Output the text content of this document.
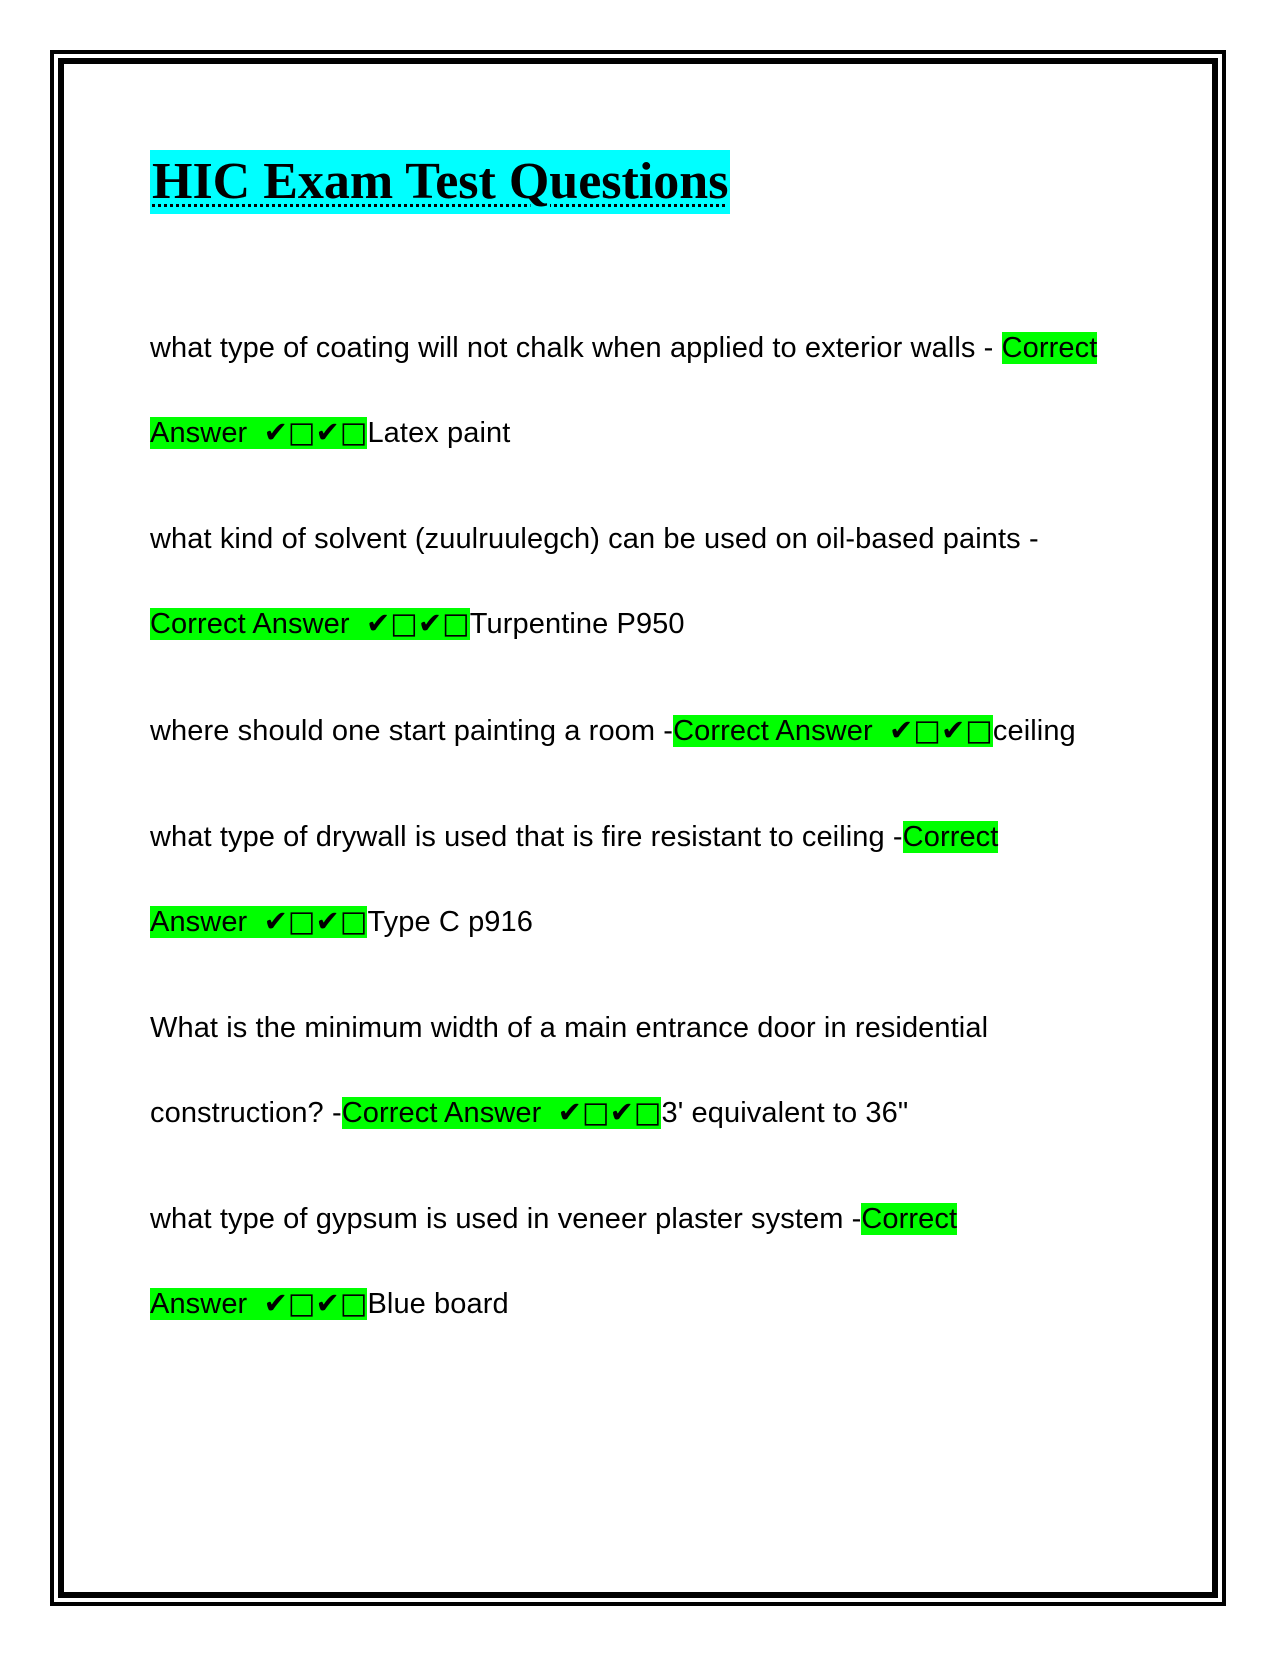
HIC Exam Test Questions

what type of coating will not chalk when applied to exterior walls - Correct Answer ✔□✔□Latex paint

what kind of solvent (zuulruulegch) can be used on oil-based paints - Correct Answer ✔□✔□Turpentine P950

where should one start painting a room -Correct Answer ✔□✔□ceiling

what type of drywall is used that is fire resistant to ceiling -Correct Answer ✔□✔□Type C p916

What is the minimum width of a main entrance door in residential construction? -Correct Answer ✔□✔□3' equivalent to 36"

what type of gypsum is used in veneer plaster system -Correct Answer ✔□✔□Blue board
